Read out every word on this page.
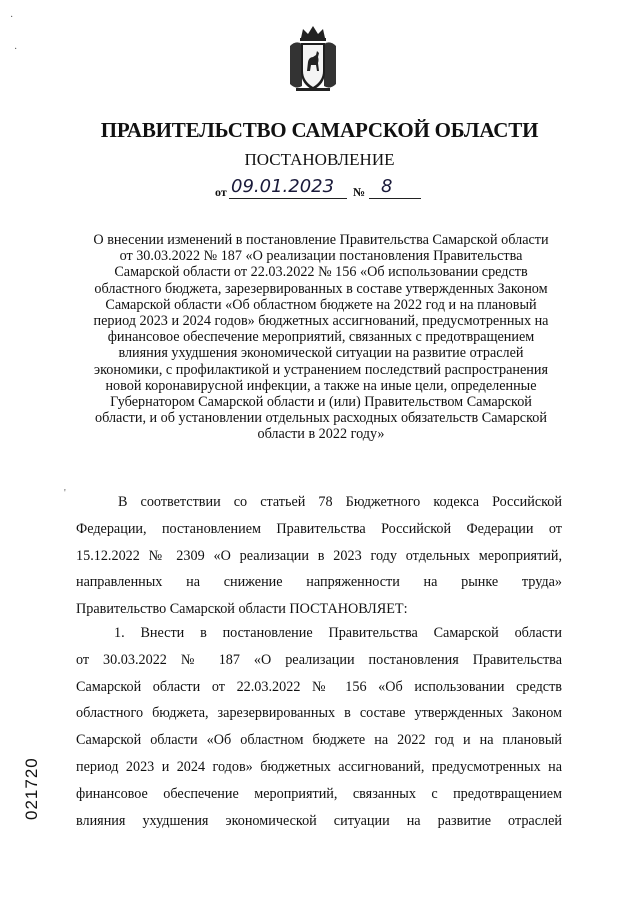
ПРАВИТЕЛЬСТВО САМАРСКОЙ ОБЛАСТИ
ПОСТАНОВЛЕНИЕ
от 09.01.2023 № 8
О внесении изменений в постановление Правительства Самарской области
от 30.03.2022 № 187 «О реализации постановления Правительства
Самарской области от 22.03.2022 № 156 «Об использовании средств
областного бюджета, зарезервированных в составе утвержденных Законом
Самарской области «Об областном бюджете на 2022 год и на плановый
период 2023 и 2024 годов» бюджетных ассигнований, предусмотренных на
финансовое обеспечение мероприятий, связанных с предотвращением
влияния ухудшения экономической ситуации на развитие отраслей
экономики, с профилактикой и устранением последствий распространения
новой коронавирусной инфекции, а также на иные цели, определенные
Губернатором Самарской области и (или) Правительством Самарской
области, и об установлении отдельных расходных обязательств Самарской
области в 2022 году»
В соответствии со статьей 78 Бюджетного кодекса Российской
Федерации, постановлением Правительства Российской Федерации от
15.12.2022 № 2309 «О реализации в 2023 году отдельных мероприятий,
направленных на снижение напряженности на рынке труда»
Правительство Самарской области ПОСТАНОВЛЯЕТ:
1. Внести в постановление Правительства Самарской области
от 30.03.2022 № 187 «О реализации постановления Правительства
Самарской области от 22.03.2022 № 156 «Об использовании средств
областного бюджета, зарезервированных в составе утвержденных Законом
Самарской области «Об областном бюджете на 2022 год и на плановый
период 2023 и 2024 годов» бюджетных ассигнований, предусмотренных на
финансовое обеспечение мероприятий, связанных с предотвращением
влияния ухудшения экономической ситуации на развитие отраслей
021720
·
·
'
